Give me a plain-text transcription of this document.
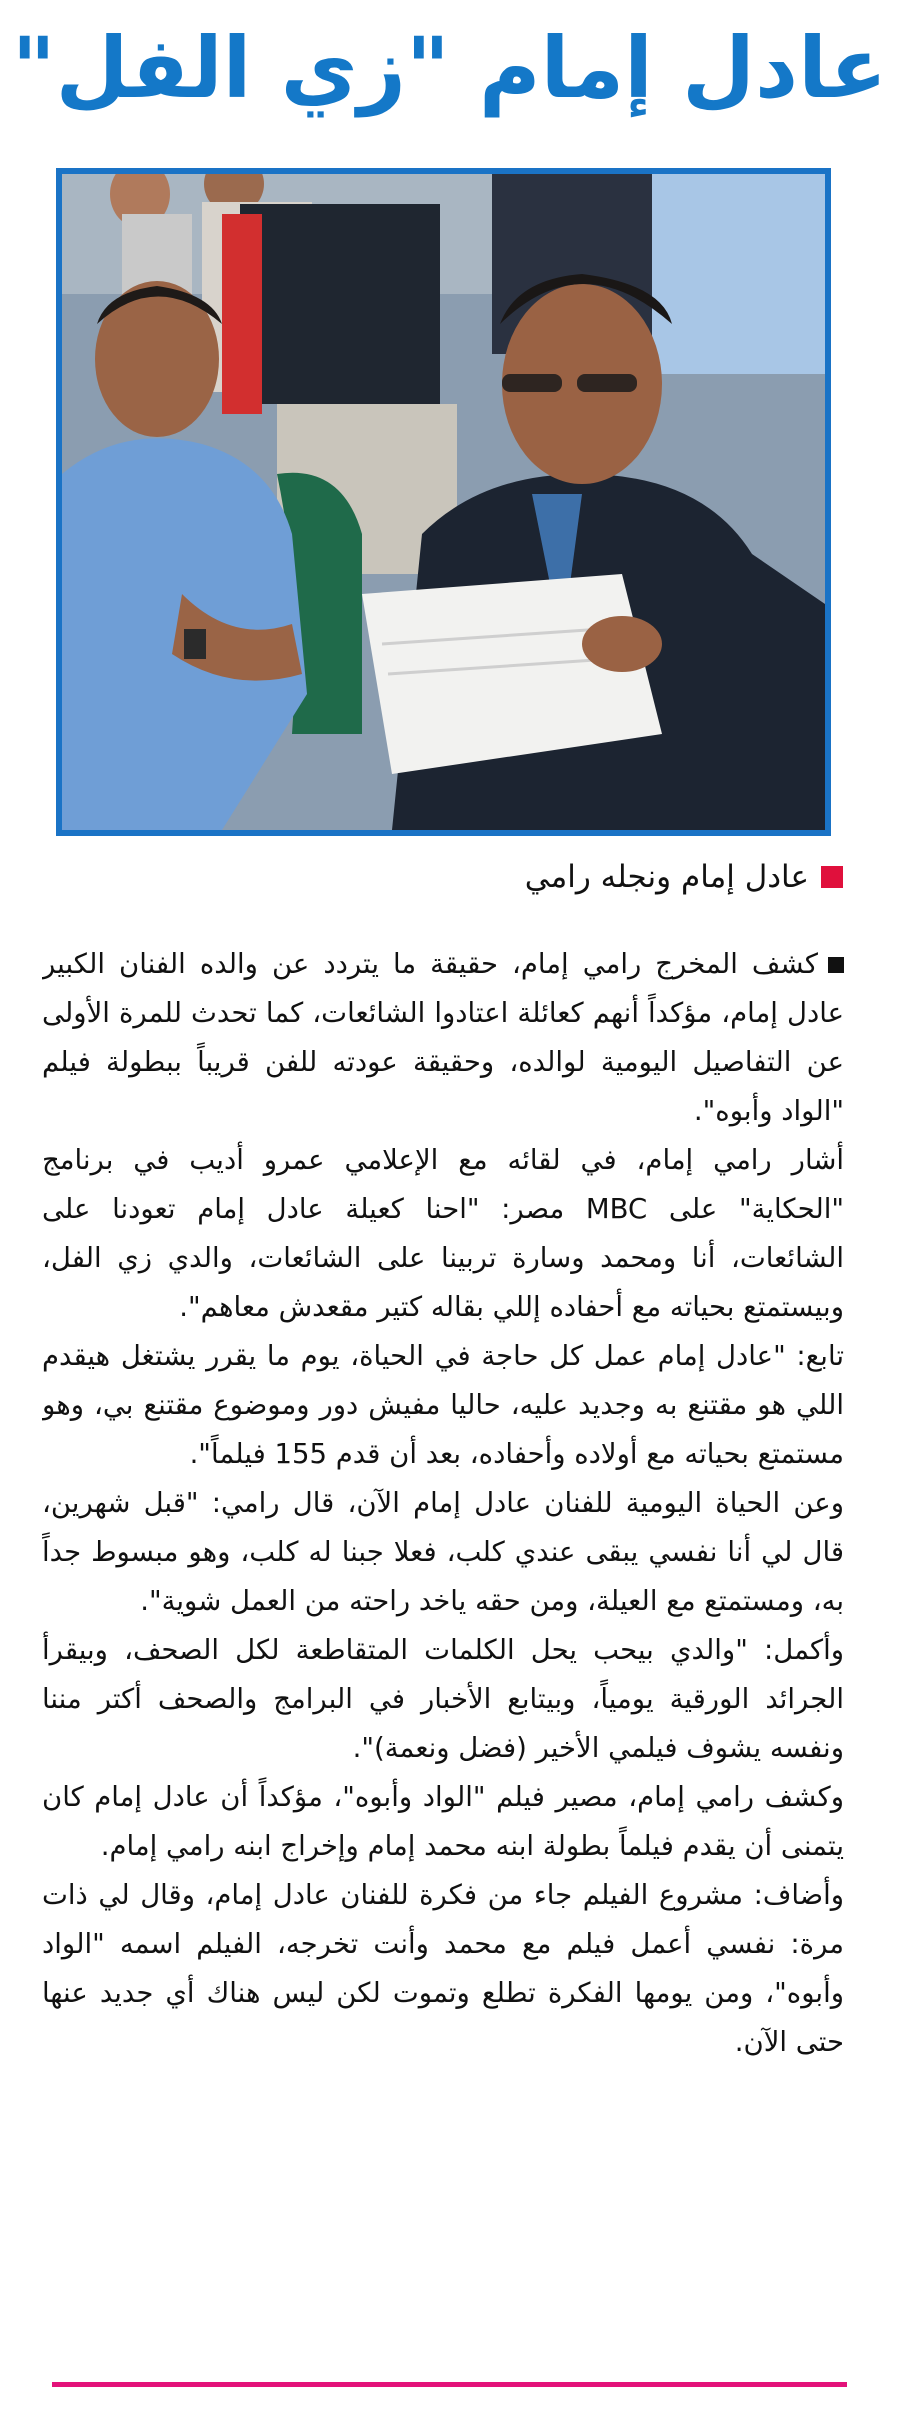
عادل إمام "زي الفل"
عادل إمام ونجله رامي

كشف المخرج رامي إمام، حقيقة ما يتردد عن والده الفنان الكبير عادل إمام، مؤكداً أنهم كعائلة اعتادوا الشائعات، كما تحدث للمرة الأولى عن التفاصيل اليومية لوالده، وحقيقة عودته للفن قريباً ببطولة فيلم "الواد وأبوه".

أشار رامي إمام، في لقائه مع الإعلامي عمرو أديب في برنامج "الحكاية" على MBC مصر: "احنا كعيلة عادل إمام تعودنا على الشائعات، أنا ومحمد وسارة تربينا على الشائعات، والدي زي الفل، وبيستمتع بحياته مع أحفاده إللي بقاله كتير مقعدش معاهم".

تابع: "عادل إمام عمل كل حاجة في الحياة، يوم ما يقرر يشتغل هيقدم اللي هو مقتنع به وجديد عليه، حاليا مفيش دور وموضوع مقتنع بي، وهو مستمتع بحياته مع أولاده وأحفاده، بعد أن قدم 155 فيلماً".

وعن الحياة اليومية للفنان عادل إمام الآن، قال رامي: "قبل شهرين، قال لي أنا نفسي يبقى عندي كلب، فعلا جبنا له كلب، وهو مبسوط جداً به، ومستمتع مع العيلة، ومن حقه ياخد راحته من العمل شوية".

وأكمل: "والدي بيحب يحل الكلمات المتقاطعة لكل الصحف، وبيقرأ الجرائد الورقية يومياً، وبيتابع الأخبار في البرامج والصحف أكتر مننا ونفسه يشوف فيلمي الأخير (فضل ونعمة)".

وكشف رامي إمام، مصير فيلم "الواد وأبوه"، مؤكداً أن عادل إمام كان يتمنى أن يقدم فيلماً بطولة ابنه محمد إمام وإخراج ابنه رامي إمام.

وأضاف: مشروع الفيلم جاء من فكرة للفنان عادل إمام، وقال لي ذات مرة: نفسي أعمل فيلم مع محمد وأنت تخرجه، الفيلم اسمه "الواد وأبوه"، ومن يومها الفكرة تطلع وتموت لكن ليس هناك أي جديد عنها حتى الآن.
